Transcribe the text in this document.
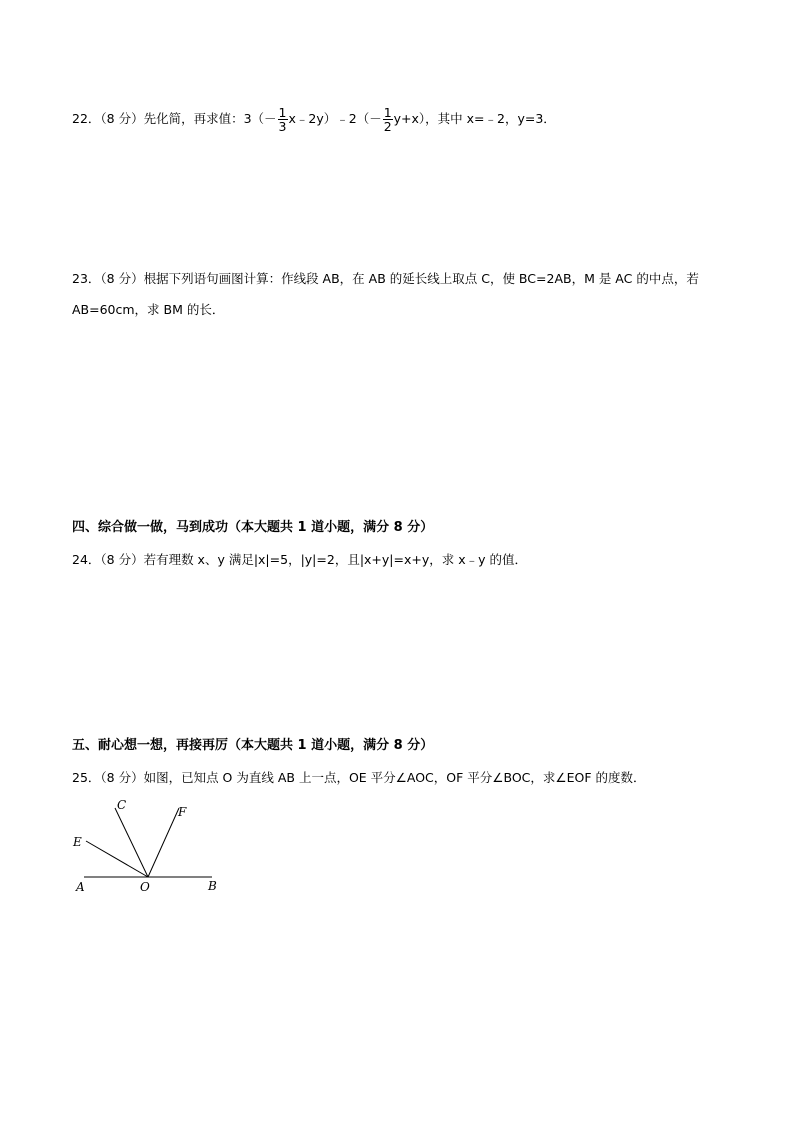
22．（8 分）先化简，再求值：$3(- \frac{1}{3}$ x﹣2y）﹣2（－ $\frac{1}{2} y+x$），其中 x=﹣2，y=3．
23．（8 分）根据下列语句画图计算：作线段 AB，在 AB 的延长线上取点 C，使 BC=2AB，M 是 AC 的中点，若
AB=60cm，求 BM 的长．
四、综合做一做，马到成功（本大题共 1 道小题，满分 8 分）
24．（8 分）若有理数 x、y 满足|x|=5，|y|=2，且|x+y|=x+y，求 x﹣y 的值．
五、耐心想一想，再接再厉（本大题共 1 道小题，满分 8 分）
25．（8 分）如图，已知点 O 为直线 AB 上一点，OE 平分∠AOC，OF 平分∠BOC，求∠EOF 的度数．
C	F
E
A	O	B
